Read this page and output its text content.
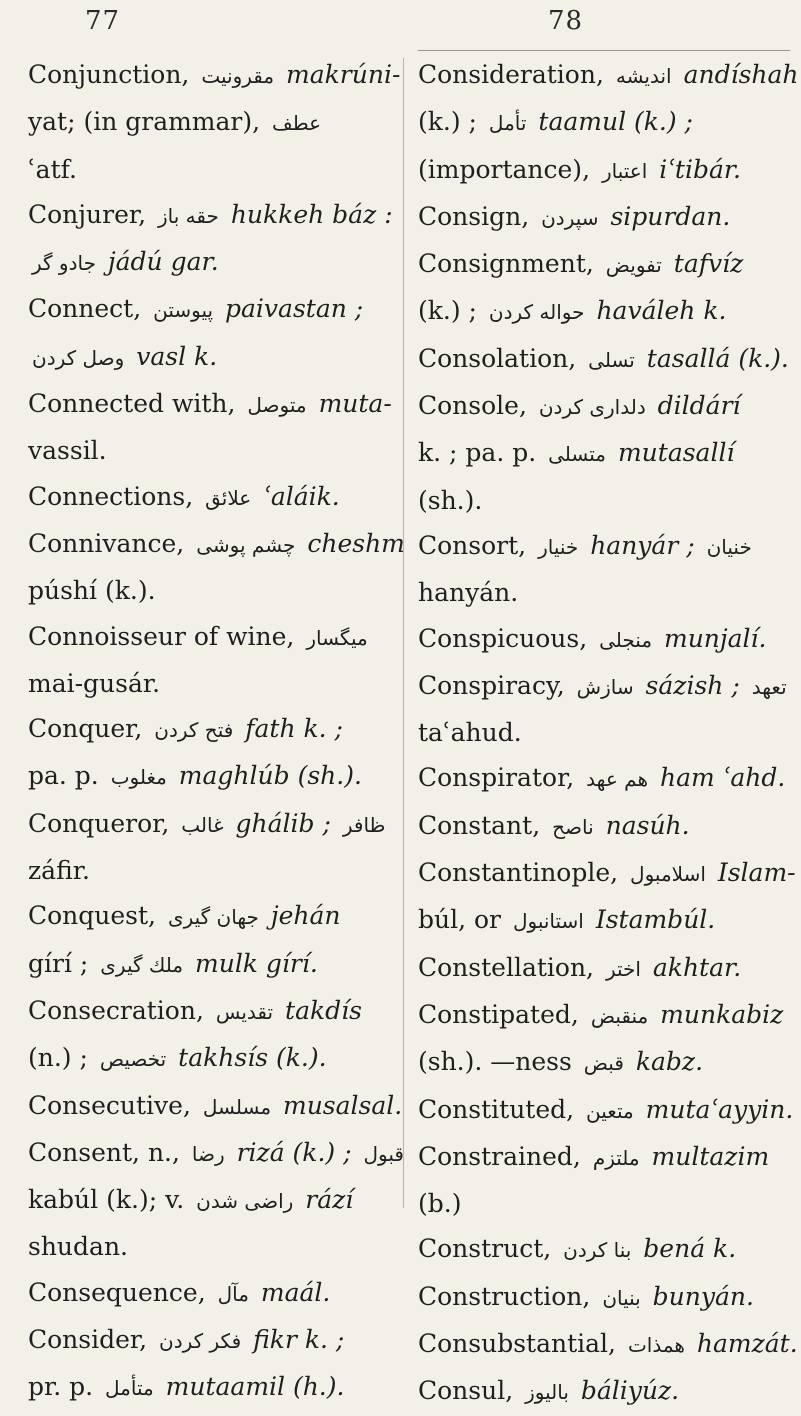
77	78
Conjunction, مقرونيت makrúni-
yat; (in grammar), عطف
ʿatf.
Conjurer, حقه باز hukkeh báz :
جادو گر jádú gar.
Connect, پيوستن paivastan ;
وصل كردن vasl k.
Connected with, متوصل muta-
vassil.
Connections, علائق ʿaláik.
Connivance, چشم پوشی cheshm
púshí (k.).
Connoisseur of wine, ميگسار
mai-gusár.
Conquer, فتح كردن fath k. ;
pa. p. مغلوب maghlúb (sh.).
Conqueror, غالب ghálib ; ظافر
záfir.
Conquest, جهان گيری jehán
gírí ; ملك گيری mulk gírí.
Consecration, تقديس takdís
(n.) ; تخصيص takhsís (k.).
Consecutive, مسلسل musalsal.
Consent, n., رضا rizá (k.) ; قبول
kabúl (k.); v. راضی شدن rází
shudan.
Consequence, مآل maál.
Consider, فكر كردن fikr k. ;
pr. p. متأمل mutaamil (h.).
Consideration, انديشه andíshah
(k.) ; تأمل taamul (k.) ;
(importance), اعتبار iʿtibár.
Consign, سپردن sipurdan.
Consignment, تفويض tafvíz
(k.) ; حواله كردن haváleh k.
Consolation, تسلی tasallá (k.).
Console, دلداری كردن dildárí
k. ; pa. p. متسلی mutasallí
(sh.).
Consort, خنيار hanyár ; خنيان
hanyán.
Conspicuous, منجلی munjalí.
Conspiracy, سازش sázish ; تعهد
taʿahud.
Conspirator, هم عهد ham ʿahd.
Constant, ناصح nasúh.
Constantinople, اسلامبول Islam-
búl, or استانبول Istambúl.
Constellation, اختر akhtar.
Constipated, منقبض munkabiz
(sh.). —ness قبض kabz.
Constituted, متعين mutaʿayyin.
Constrained, ملتزم multazim
(b.)
Construct, بنا كردن bená k.
Construction, بنيان bunyán.
Consubstantial, همذات hamzát.
Consul, باليوز báliyúz.
